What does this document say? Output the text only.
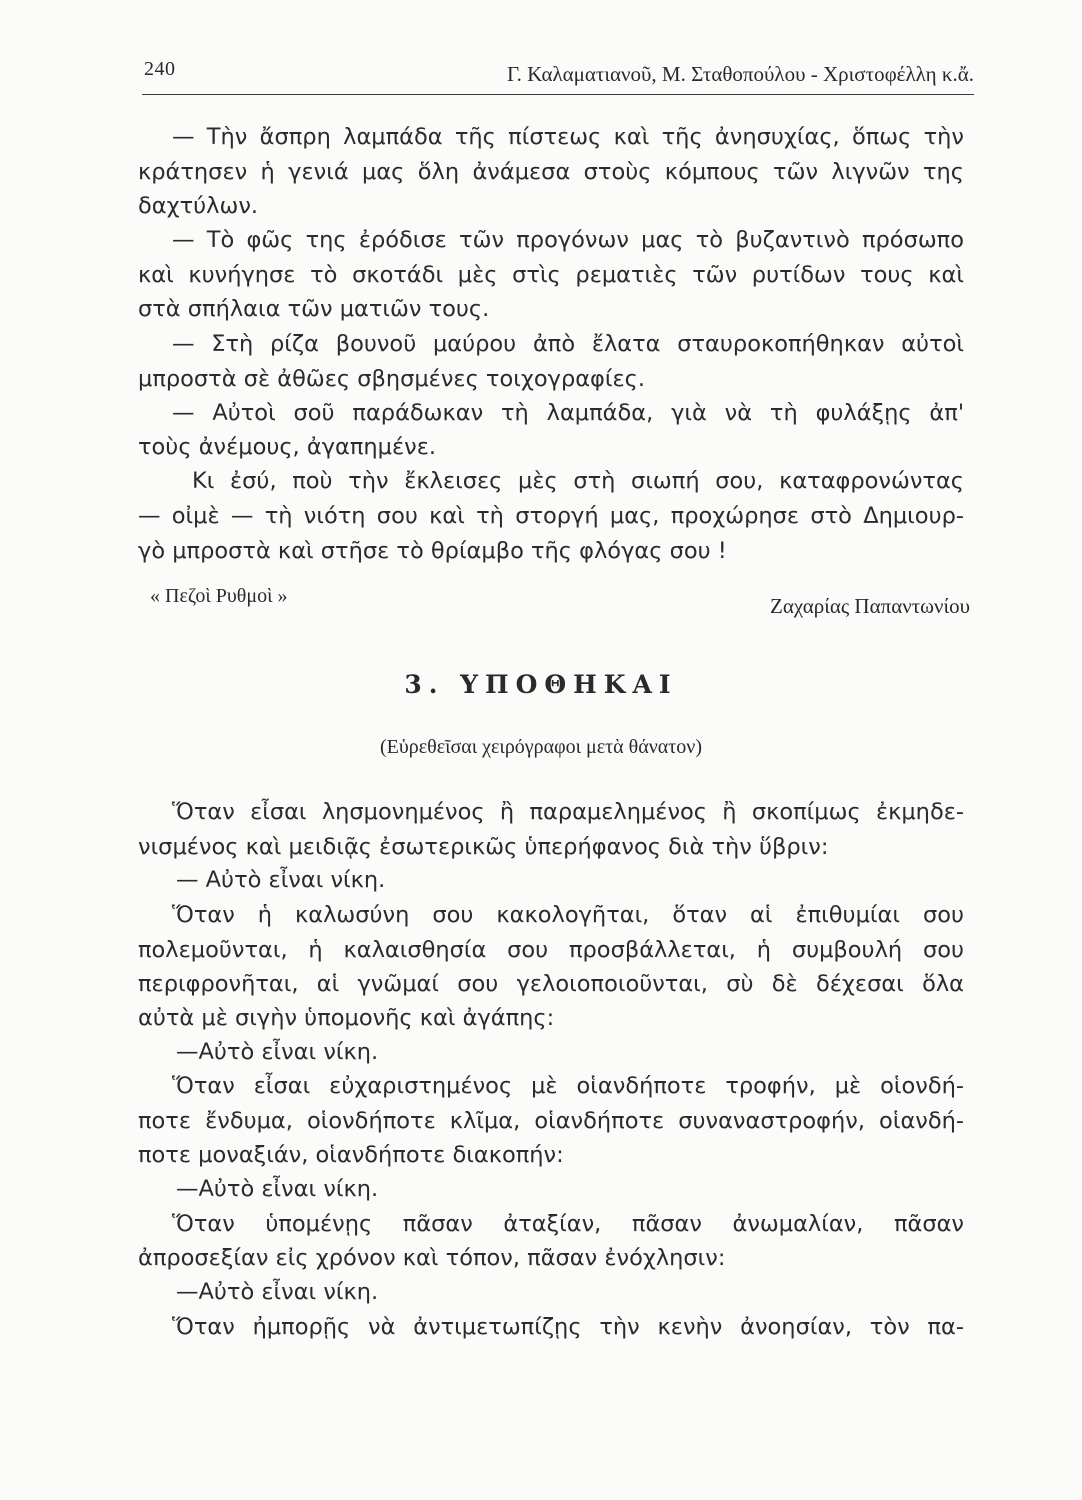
240	Γ. Καλαματιανοῦ, Μ. Σταθοπούλου - Χριστοφέλλη κ.ἄ.
— Τὴν ἄσπρη λαμπάδα τῆς πίστεως καὶ τῆς ἀνησυχίας, ὅπως τὴν
κράτησεν ἡ γενιά μας ὅλη ἀνάμεσα στοὺς κόμπους τῶν λιγνῶν της
δαχτύλων.
— Τὸ φῶς της ἐρόδισε τῶν προγόνων μας τὸ βυζαντινὸ πρόσωπο
καὶ κυνήγησε τὸ σκοτάδι μὲς στὶς ρεματιὲς τῶν ρυτίδων τους καὶ
στὰ σπήλαια τῶν ματιῶν τους.
— Στὴ ρίζα βουνοῦ μαύρου ἀπὸ ἔλατα σταυροκοπήθηκαν αὐτοὶ
μπροστὰ σὲ ἀθῶες σβησμένες τοιχογραφίες.
— Αὐτοὶ σοῦ παράδωκαν τὴ λαμπάδα, γιὰ νὰ τὴ φυλάξῃς ἀπ'
τοὺς ἀνέμους, ἀγαπημένε.
Κι ἐσύ, ποὺ τὴν ἔκλεισες μὲς στὴ σιωπή σου, καταφρονώντας
— οἰμὲ — τὴ νιότη σου καὶ τὴ στοργή μας, προχώρησε στὸ Δημιουρ-
γὸ μπροστὰ καὶ στῆσε τὸ θρίαμβο τῆς φλόγας σου !
« Πεζοὶ Ρυθμοὶ »	Ζαχαρίας Παπαντωνίου
3. ΥΠΟΘΗΚΑΙ
(Εὑρεθεῖσαι χειρόγραφοι μετὰ θάνατον)
Ὅταν εἶσαι λησμονημένος ἢ παραμελημένος ἢ σκοπίμως ἐκμηδε-
νισμένος καὶ μειδιᾷς ἐσωτερικῶς ὑπερήφανος διὰ τὴν ὕβριν:
— Αὐτὸ εἶναι νίκη.
Ὅταν ἡ καλωσύνη σου κακολογῆται, ὅταν αἱ ἐπιθυμίαι σου
πολεμοῦνται, ἡ καλαισθησία σου προσβάλλεται, ἡ συμβουλή σου
περιφρονῆται, αἱ γνῶμαί σου γελοιοποιοῦνται, σὺ δὲ δέχεσαι ὅλα
αὐτὰ μὲ σιγὴν ὑπομονῆς καὶ ἀγάπης:
—Αὐτὸ εἶναι νίκη.
Ὅταν εἶσαι εὐχαριστημένος μὲ οἱανδήποτε τροφήν, μὲ οἱονδή-
ποτε ἔνδυμα, οἱονδήποτε κλῖμα, οἱανδήποτε συναναστροφήν, οἱανδή-
ποτε μοναξιάν, οἱανδήποτε διακοπήν:
—Αὐτὸ εἶναι νίκη.
Ὅταν ὑπομένῃς πᾶσαν ἀταξίαν, πᾶσαν ἀνωμαλίαν, πᾶσαν
ἀπροσεξίαν εἰς χρόνον καὶ τόπον, πᾶσαν ἐνόχλησιν:
—Αὐτὸ εἶναι νίκη.
Ὅταν ἠμπορῇς νὰ ἀντιμετωπίζῃς τὴν κενὴν ἀνοησίαν, τὸν πα-
